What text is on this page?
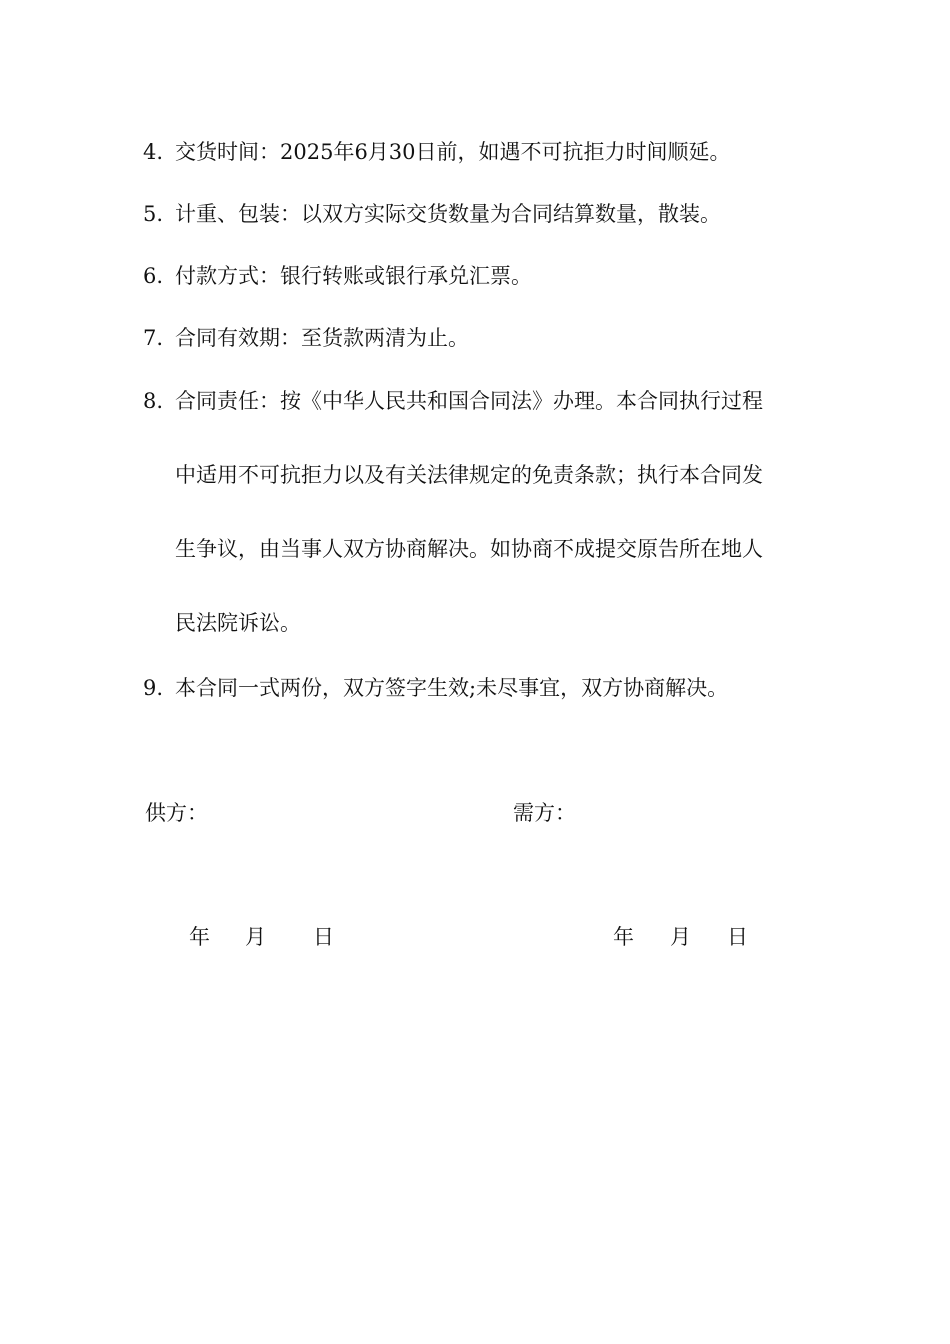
4. 交货时间：2025年6月30日前，如遇不可抗拒力时间顺延。
5. 计重、包装：以双方实际交货数量为合同结算数量，散装。
6. 付款方式：银行转账或银行承兑汇票。
7. 合同有效期：至货款两清为止。
8. 合同责任：按《中华人民共和国合同法》办理。本合同执行过程
中适用不可抗拒力以及有关法律规定的免责条款；执行本合同发
生争议，由当事人双方协商解决。如协商不成提交原告所在地人
民法院诉讼。
9. 本合同一式两份，双方签字生效;未尽事宜，双方协商解决。
供方：	需方：
年 月 日	年 月 日
